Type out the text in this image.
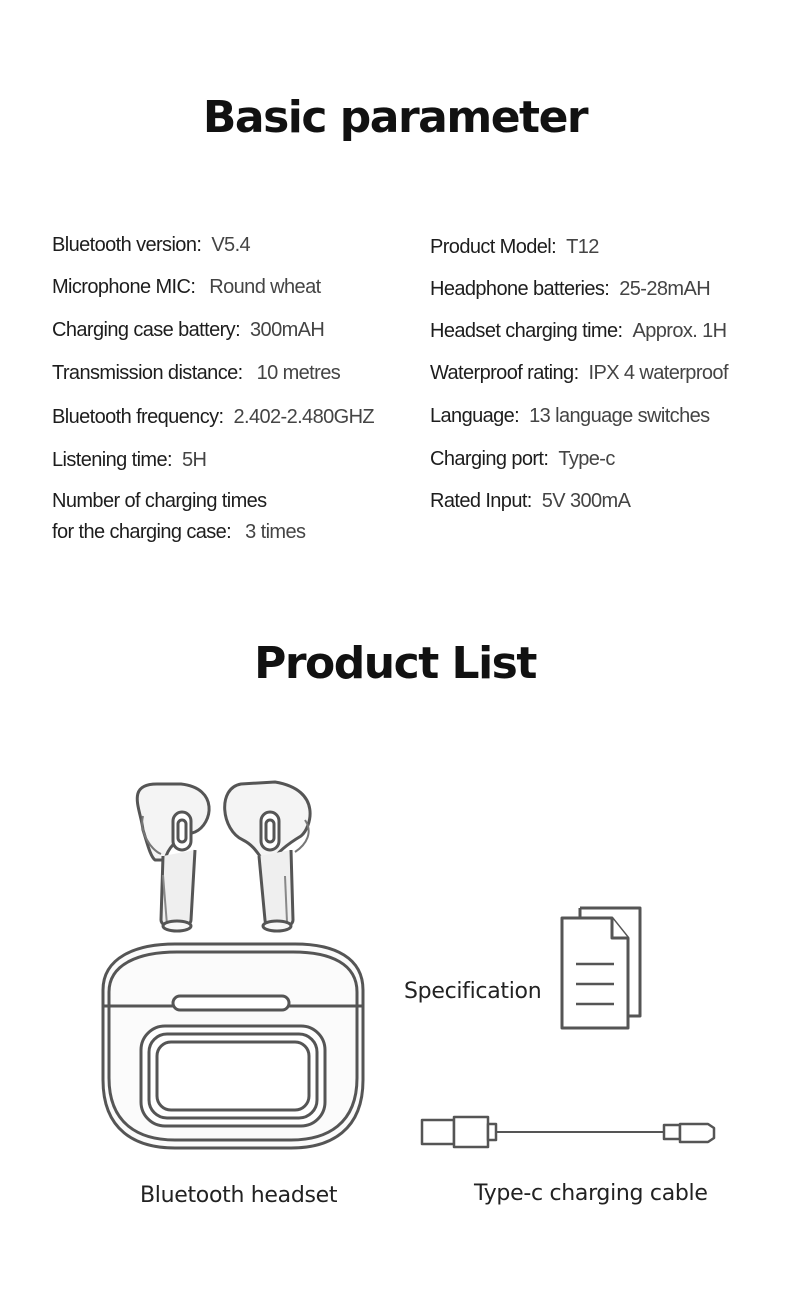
Basic parameter
Bluetooth version: V5.4
Microphone MIC: Round wheat
Charging case battery: 300mAH
Transmission distance: 10 metres
Bluetooth frequency: 2.402-2.480GHZ
Listening time: 5H
Number of charging times
for the charging case: 3 times
Product Model: T12
Headphone batteries: 25-28mAH
Headset charging time: Approx. 1H
Waterproof rating: IPX 4 waterproof
Language: 13 language switches
Charging port: Type-c
Rated Input: 5V 300mA
Product List
Bluetooth headset
Specification
Type-c charging cable
